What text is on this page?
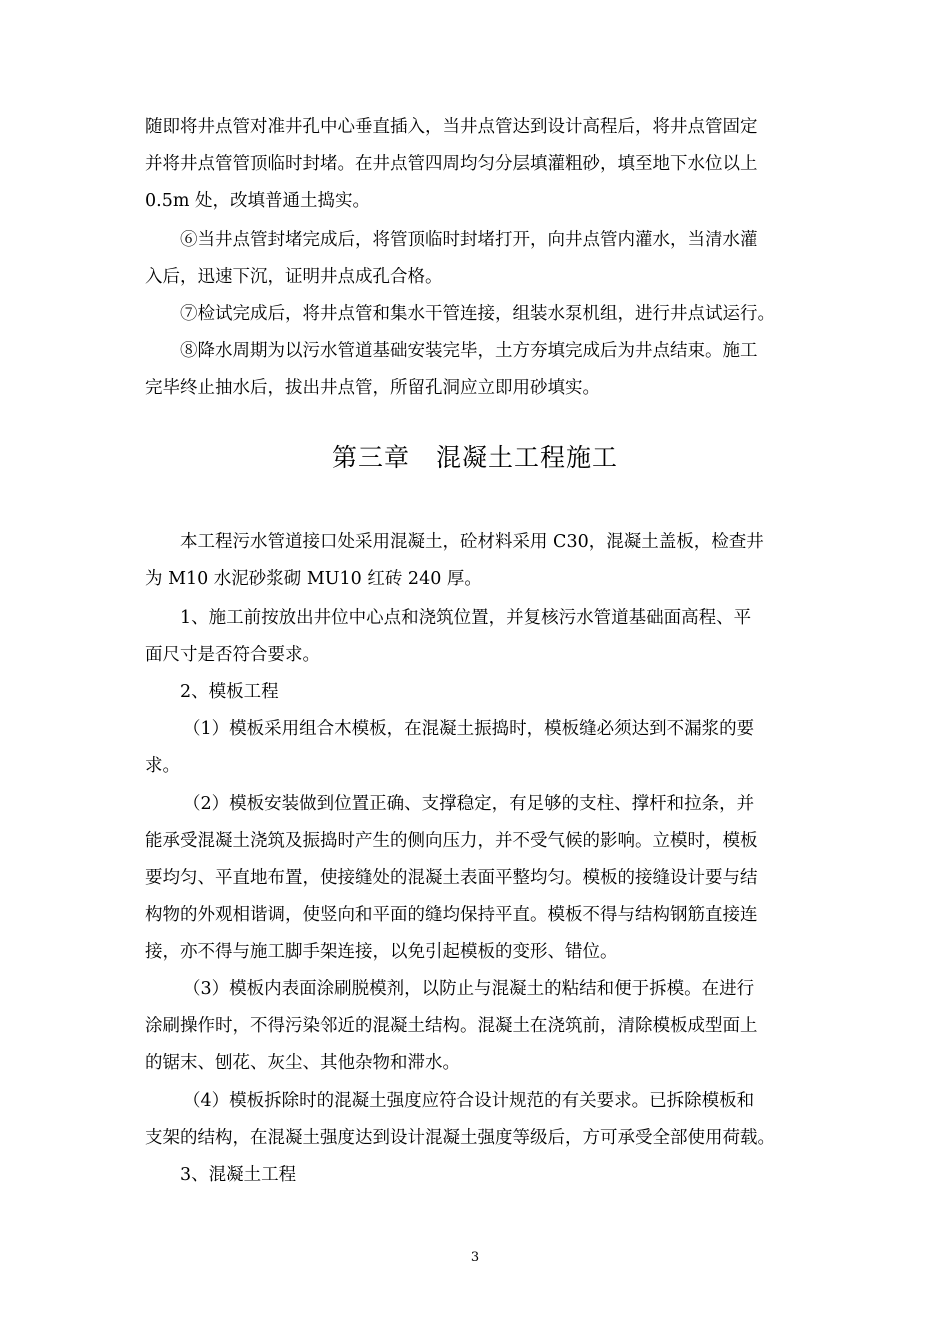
随即将井点管对准井孔中心垂直插入，当井点管达到设计高程后，将井点管固定
并将井点管管顶临时封堵。在井点管四周均匀分层填灌粗砂，填至地下水位以上
0.5m 处，改填普通土捣实。
⑥当井点管封堵完成后，将管顶临时封堵打开，向井点管内灌水，当清水灌
入后，迅速下沉，证明井点成孔合格。
⑦检试完成后，将井点管和集水干管连接，组装水泵机组，进行井点试运行。
⑧降水周期为以污水管道基础安装完毕，土方夯填完成后为井点结束。施工
完毕终止抽水后，拔出井点管，所留孔洞应立即用砂填实。
第三章　混凝土工程施工
本工程污水管道接口处采用混凝土，砼材料采用 C30，混凝土盖板，检查井
为 M10 水泥砂浆砌 MU10 红砖 240 厚。
1、施工前按放出井位中心点和浇筑位置，并复核污水管道基础面高程、平
面尺寸是否符合要求。
2、模板工程
（1）模板采用组合木模板，在混凝土振捣时，模板缝必须达到不漏浆的要
求。
（2）模板安装做到位置正确、支撑稳定，有足够的支柱、撑杆和拉条，并
能承受混凝土浇筑及振捣时产生的侧向压力，并不受气候的影响。立模时，模板
要均匀、平直地布置，使接缝处的混凝土表面平整均匀。模板的接缝设计要与结
构物的外观相谐调，使竖向和平面的缝均保持平直。模板不得与结构钢筋直接连
接，亦不得与施工脚手架连接，以免引起模板的变形、错位。
（3）模板内表面涂刷脱模剂，以防止与混凝土的粘结和便于拆模。在进行
涂刷操作时，不得污染邻近的混凝土结构。混凝土在浇筑前，清除模板成型面上
的锯末、刨花、灰尘、其他杂物和滞水。
（4）模板拆除时的混凝土强度应符合设计规范的有关要求。已拆除模板和
支架的结构，在混凝土强度达到设计混凝土强度等级后，方可承受全部使用荷载。
3、混凝土工程
3
